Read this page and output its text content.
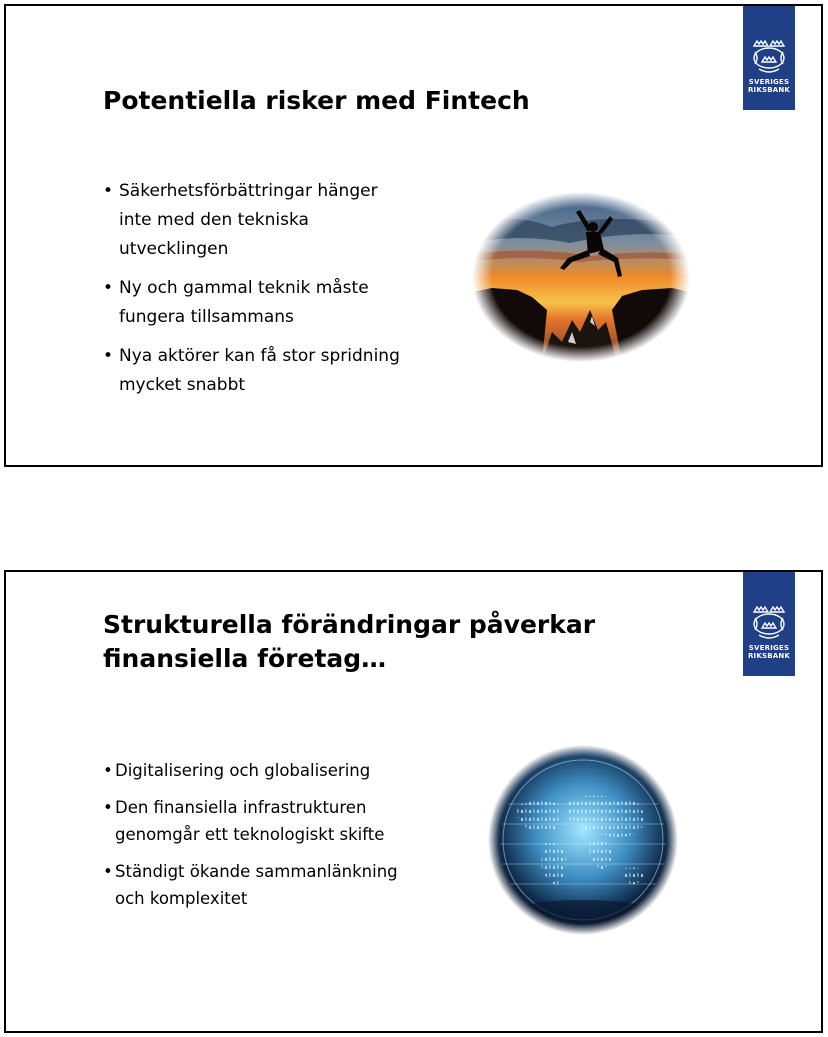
SVERIGES
RIKSBANK
Potentiella risker med Fintech
• Säkerhetsförbättringar hänger inte med den tekniska utvecklingen
• Ny och gammal teknik måste fungera tillsammans
• Nya aktörer kan få stor spridning mycket snabbt
SVERIGES
RIKSBANK
Strukturella förändringar påverkar finansiella företag…
• Digitalisering och globalisering
• Den finansiella infrastrukturen genomgår ett teknologiskt skifte
• Ständigt ökande sammanlänkning och komplexitet
